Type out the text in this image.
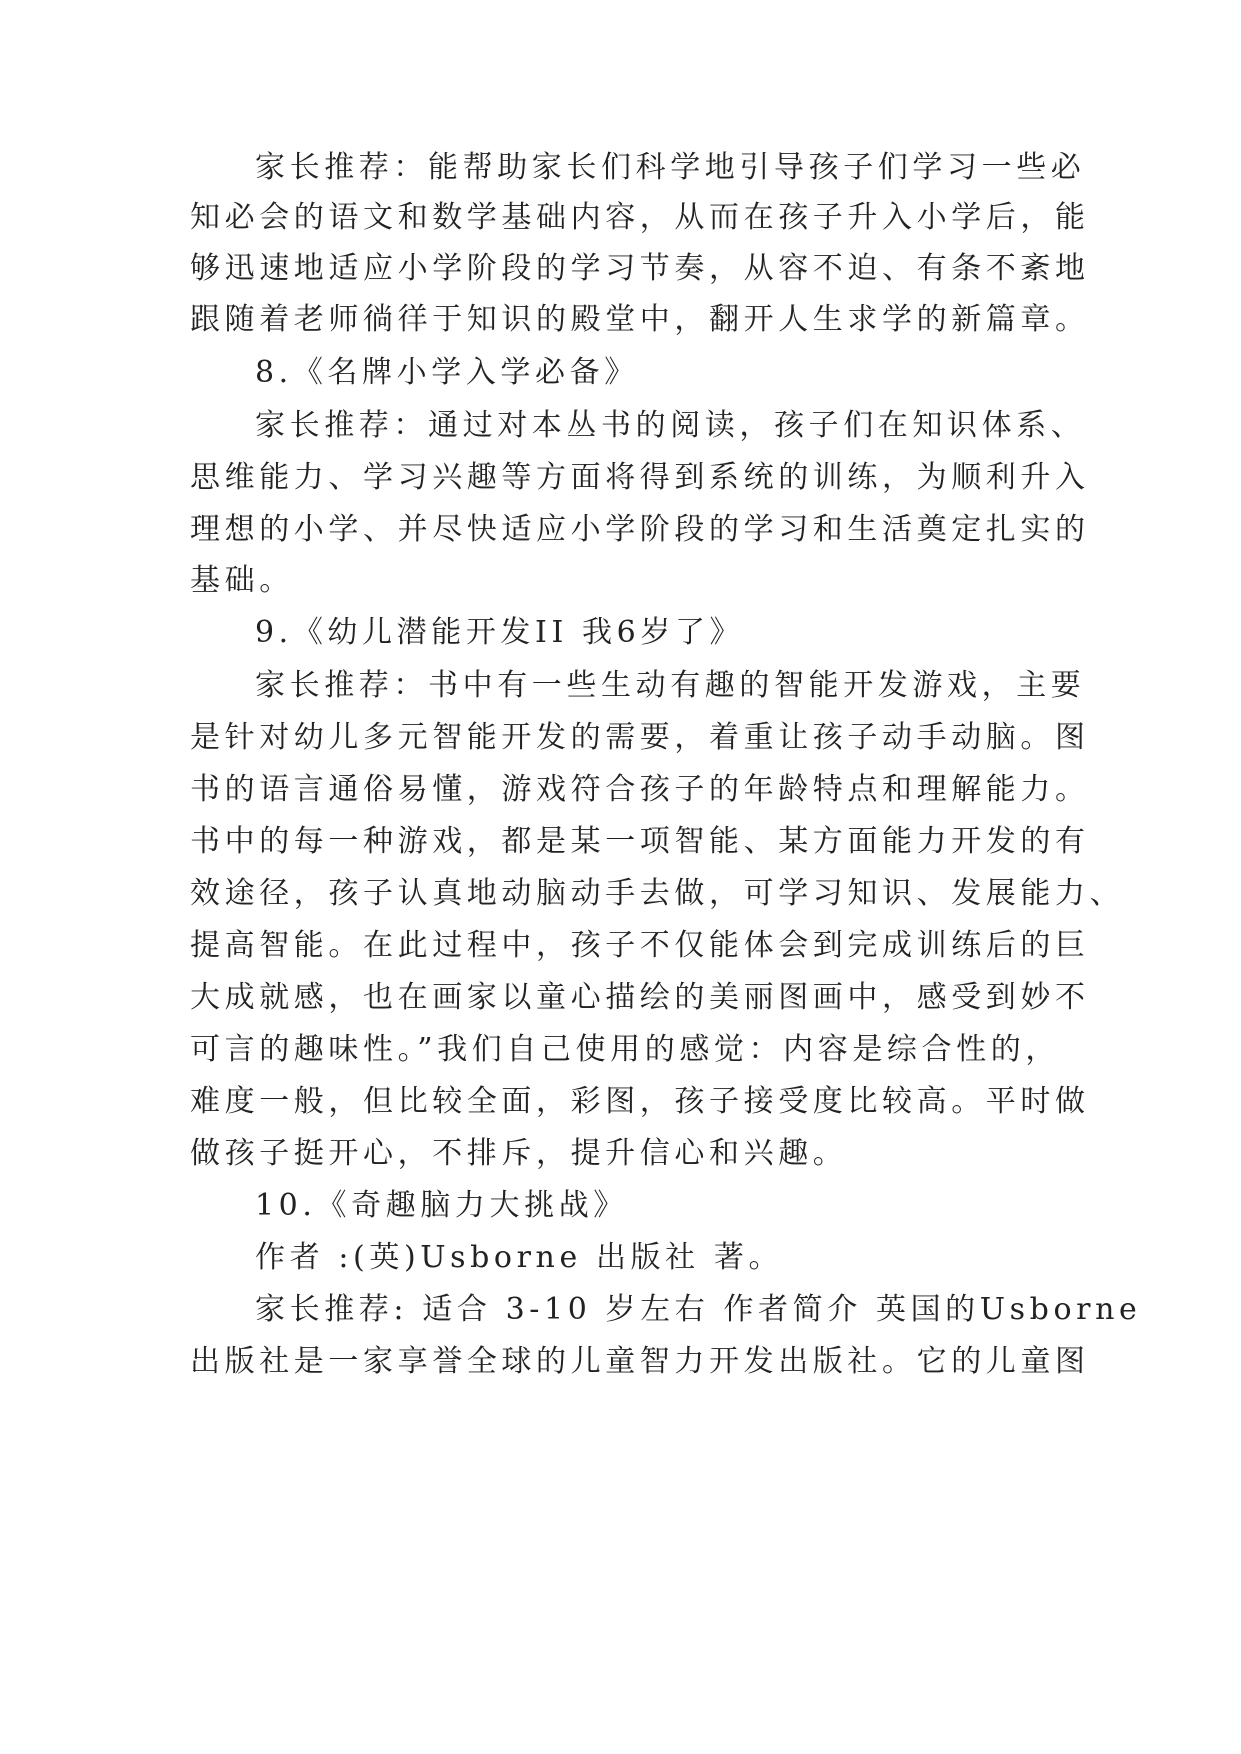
家长推荐：能帮助家长们科学地引导孩子们学习一些必
知必会的语文和数学基础内容，从而在孩子升入小学后，能
够迅速地适应小学阶段的学习节奏，从容不迫、有条不紊地
跟随着老师徜徉于知识的殿堂中，翻开人生求学的新篇章。
8.《名牌小学入学必备》
家长推荐：通过对本丛书的阅读，孩子们在知识体系、
思维能力、学习兴趣等方面将得到系统的训练，为顺利升入
理想的小学、并尽快适应小学阶段的学习和生活奠定扎实的
基础。
9.《幼儿潜能开发II 我6岁了》
家长推荐：书中有一些生动有趣的智能开发游戏，主要
是针对幼儿多元智能开发的需要，着重让孩子动手动脑。图
书的语言通俗易懂，游戏符合孩子的年龄特点和理解能力。
书中的每一种游戏，都是某一项智能、某方面能力开发的有
效途径，孩子认真地动脑动手去做，可学习知识、发展能力、
提高智能。在此过程中，孩子不仅能体会到完成训练后的巨
大成就感，也在画家以童心描绘的美丽图画中，感受到妙不
可言的趣味性。”我们自己使用的感觉：内容是综合性的，
难度一般，但比较全面，彩图，孩子接受度比较高。平时做
做孩子挺开心，不排斥，提升信心和兴趣。
10.《奇趣脑力大挑战》
作者 :(英)Usborne 出版社 著。
家长推荐: 适合 3-10 岁左右 作者简介 英国的Usborne
出版社是一家享誉全球的儿童智力开发出版社。它的儿童图
